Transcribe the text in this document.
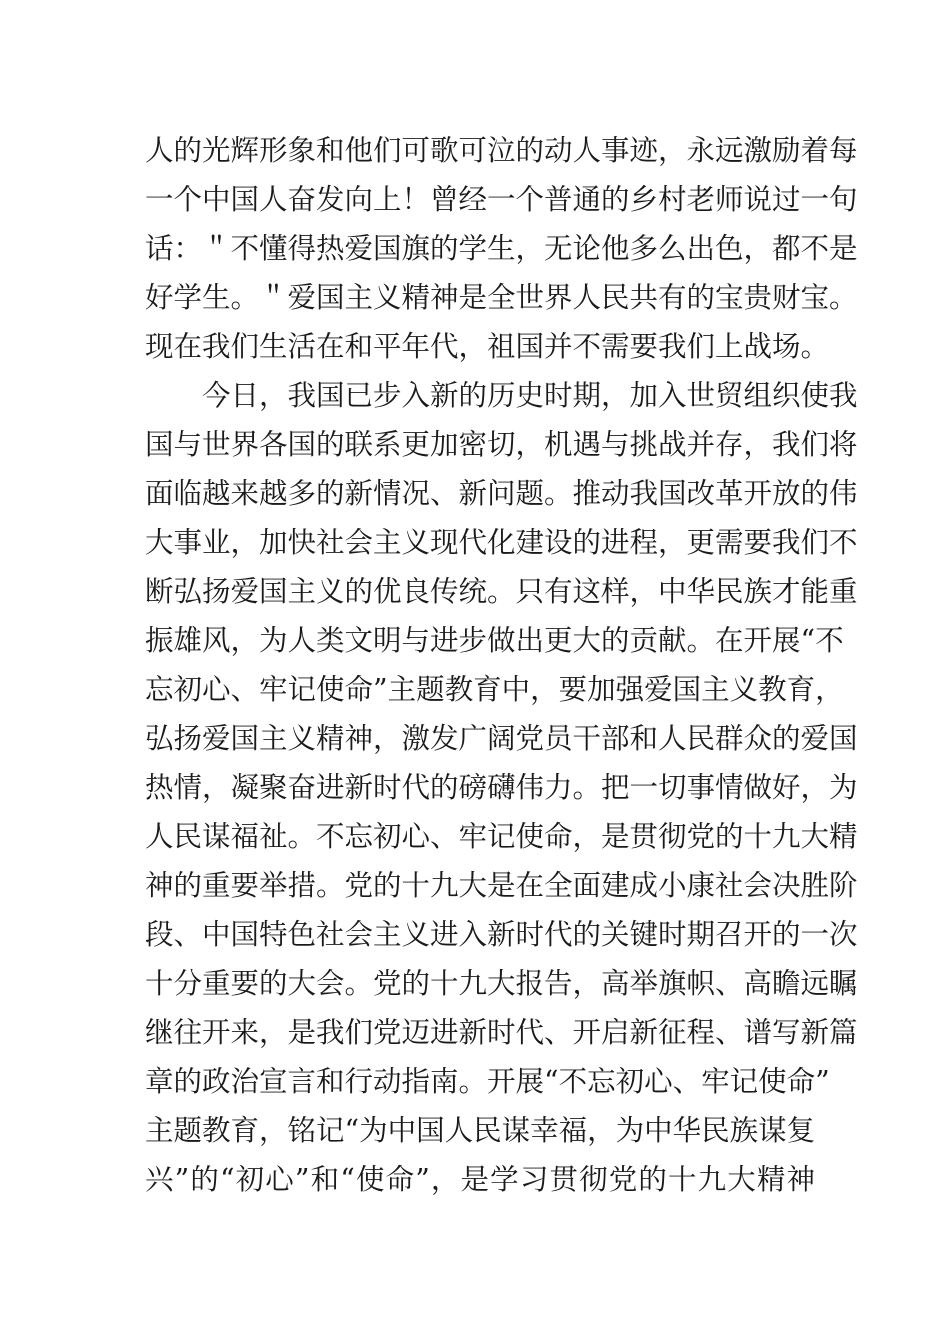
人的光辉形象和他们可歌可泣的动人事迹，永远激励着每
一个中国人奋发向上！曾经一个普通的乡村老师说过一句
话：＂不懂得热爱国旗的学生，无论他多么出色，都不是
好学生。＂爱国主义精神是全世界人民共有的宝贵财宝。
现在我们生活在和平年代，祖国并不需要我们上战场。
今日，我国已步入新的历史时期，加入世贸组织使我
国与世界各国的联系更加密切，机遇与挑战并存，我们将
面临越来越多的新情况、新问题。推动我国改革开放的伟
大事业，加快社会主义现代化建设的进程，更需要我们不
断弘扬爱国主义的优良传统。只有这样，中华民族才能重
振雄风，为人类文明与进步做出更大的贡献。在开展“不
忘初心、牢记使命”主题教育中，要加强爱国主义教育，
弘扬爱国主义精神，激发广阔党员干部和人民群众的爱国
热情，凝聚奋进新时代的磅礴伟力。把一切事情做好，为
人民谋福祉。不忘初心、牢记使命，是贯彻党的十九大精
神的重要举措。党的十九大是在全面建成小康社会决胜阶
段、中国特色社会主义进入新时代的关键时期召开的一次
十分重要的大会。党的十九大报告，高举旗帜、高瞻远瞩
继往开来，是我们党迈进新时代、开启新征程、谱写新篇
章的政治宣言和行动指南。开展“不忘初心、牢记使命”
主题教育，铭记“为中国人民谋幸福，为中华民族谋复
兴”的“初心”和“使命”，是学习贯彻党的十九大精神
